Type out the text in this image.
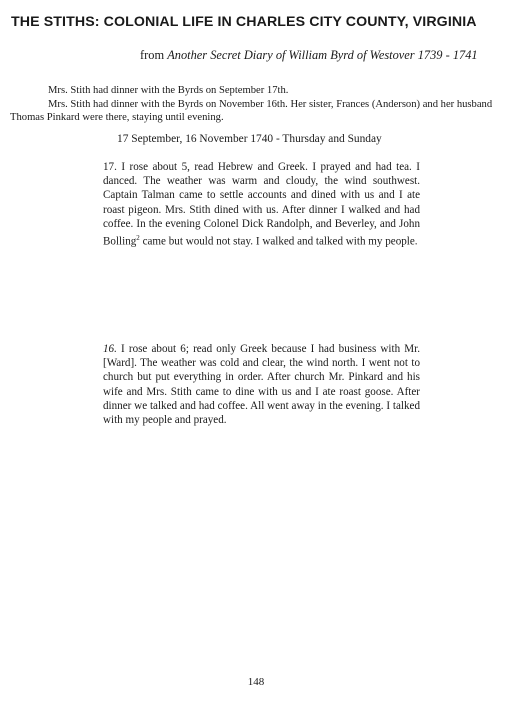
THE STITHS: COLONIAL LIFE IN CHARLES CITY COUNTY, VIRGINIA
from Another Secret Diary of William Byrd of Westover 1739 - 1741

Mrs. Stith had dinner with the Byrds on September 17th.

Mrs. Stith had dinner with the Byrds on November 16th. Her sister, Frances (Anderson) and her husband Thomas Pinkard were there, staying until evening.

17 September, 16 November 1740 - Thursday and Sunday

17. I rose about 5, read Hebrew and Greek. I prayed and had tea. I danced. The weather was warm and cloudy, the wind southwest. Captain Talman came to settle accounts and dined with us and I ate roast pigeon. Mrs. Stith dined with us. After dinner I walked and had coffee. In the evening Colonel Dick Randolph, and Beverley, and John Bolling$^2$ came but would not stay. I walked and talked with my people.

16. I rose about 6; read only Greek because I had business with Mr. [Ward]. The weather was cold and clear, the wind north. I went not to church but put everything in order. After church Mr. Pinkard and his wife and Mrs. Stith came to dine with us and I ate roast goose. After dinner we talked and had coffee. All went away in the evening. I talked with my people and prayed.

148
